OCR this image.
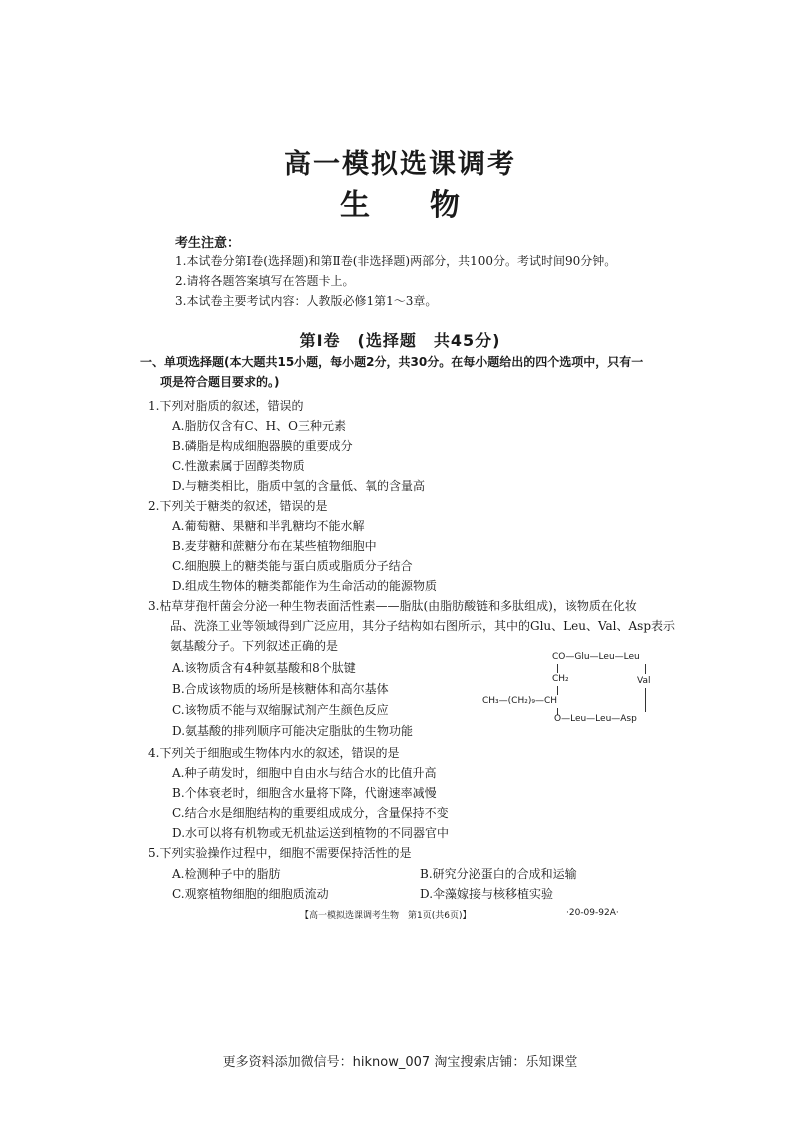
高一模拟选课调考
生物
考生注意：
1.本试卷分第Ⅰ卷(选择题)和第Ⅱ卷(非选择题)两部分，共100分。考试时间90分钟。
2.请将各题答案填写在答题卡上。
3.本试卷主要考试内容：人教版必修1第1～3章。
第Ⅰ卷　(选择题　共45分)
一、单项选择题(本大题共15小题，每小题2分，共30分。在每小题给出的四个选项中，只有一
项是符合题目要求的。)
1.下列对脂质的叙述，错误的
A.脂肪仅含有C、H、O三种元素
B.磷脂是构成细胞器膜的重要成分
C.性激素属于固醇类物质
D.与糖类相比，脂质中氢的含量低、氧的含量高
2.下列关于糖类的叙述，错误的是
A.葡萄糖、果糖和半乳糖均不能水解
B.麦芽糖和蔗糖分布在某些植物细胞中
C.细胞膜上的糖类能与蛋白质或脂质分子结合
D.组成生物体的糖类都能作为生命活动的能源物质
3.枯草芽孢杆菌会分泌一种生物表面活性素——脂肽(由脂肪酸链和多肽组成)，该物质在化妆
品、洗涤工业等领域得到广泛应用，其分子结构如右图所示，其中的Glu、Leu、Val、Asp表示
氨基酸分子。下列叙述正确的是
A.该物质含有4种氨基酸和8个肽键
B.合成该物质的场所是核糖体和高尔基体
C.该物质不能与双缩脲试剂产生颜色反应
D.氨基酸的排列顺序可能决定脂肽的生物功能
CO—Glu—Leu—Leu
CH₂	Val
CH₃—(CH₂)₉—CH
O—Leu—Leu—Asp
4.下列关于细胞或生物体内水的叙述，错误的是
A.种子萌发时，细胞中自由水与结合水的比值升高
B.个体衰老时，细胞含水量将下降，代谢速率减慢
C.结合水是细胞结构的重要组成成分，含量保持不变
D.水可以将有机物或无机盐运送到植物的不同器官中
5.下列实验操作过程中，细胞不需要保持活性的是
A.检测种子中的脂肪	B.研究分泌蛋白的合成和运输
C.观察植物细胞的细胞质流动	D.伞藻嫁接与核移植实验
【高一模拟选课调考生物　第1页(共6页)】	·20-09-92A·
更多资料添加微信号：hiknow_007 淘宝搜索店铺：乐知课堂
